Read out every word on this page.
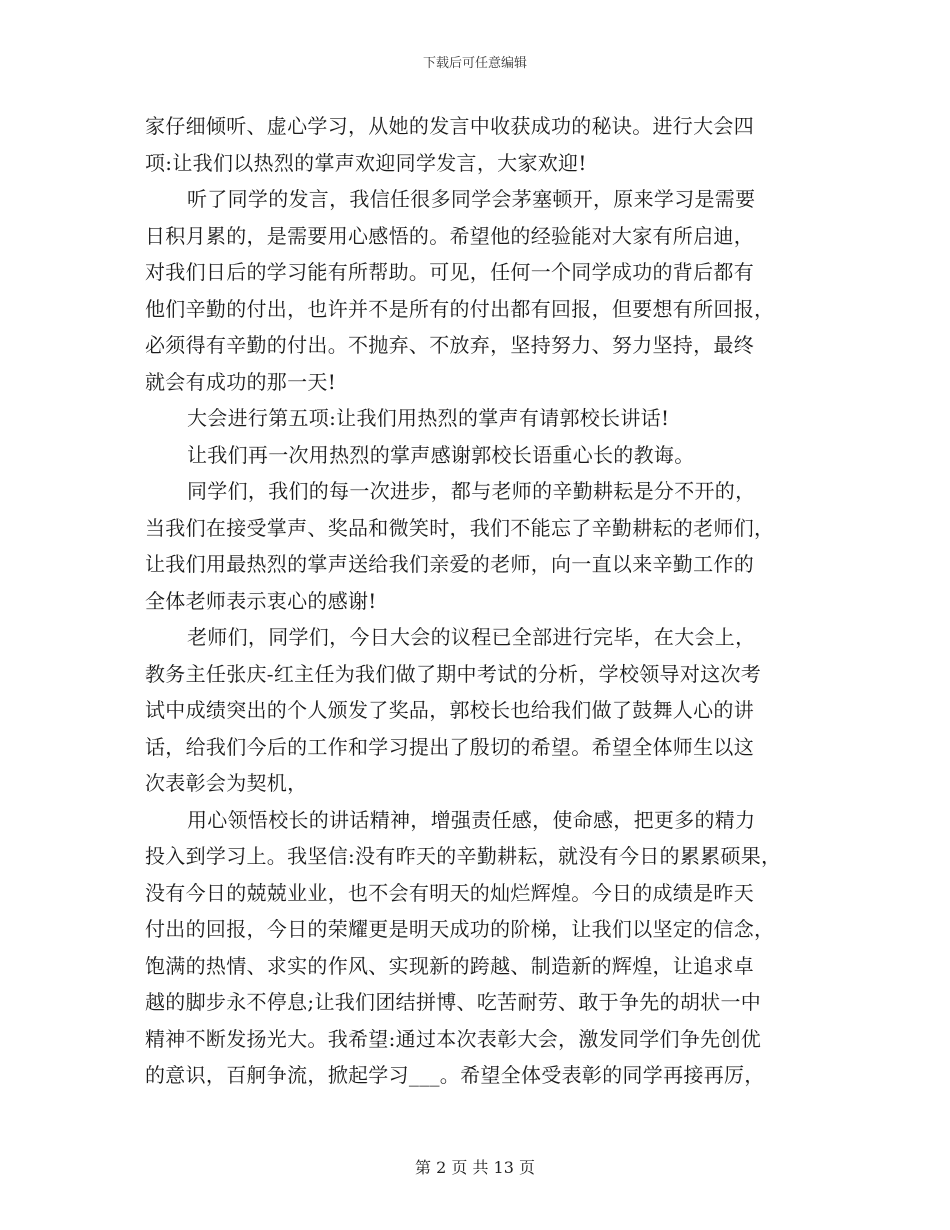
下载后可任意编辑
家仔细倾听、虚心学习，从她的发言中收获成功的秘诀。进行大会四
项:让我们以热烈的掌声欢迎同学发言，大家欢迎!
听了同学的发言，我信任很多同学会茅塞顿开，原来学习是需要
日积月累的，是需要用心感悟的。希望他的经验能对大家有所启迪，
对我们日后的学习能有所帮助。可见，任何一个同学成功的背后都有
他们辛勤的付出，也许并不是所有的付出都有回报，但要想有所回报，
必须得有辛勤的付出。不抛弃、不放弃，坚持努力、努力坚持，最终
就会有成功的那一天!
大会进行第五项:让我们用热烈的掌声有请郭校长讲话!
让我们再一次用热烈的掌声感谢郭校长语重心长的教诲。
同学们，我们的每一次进步，都与老师的辛勤耕耘是分不开的，
当我们在接受掌声、奖品和微笑时，我们不能忘了辛勤耕耘的老师们，
让我们用最热烈的掌声送给我们亲爱的老师，向一直以来辛勤工作的
全体老师表示衷心的感谢!
老师们，同学们，今日大会的议程已全部进行完毕，在大会上，
教务主任张庆-红主任为我们做了期中考试的分析，学校领导对这次考
试中成绩突出的个人颁发了奖品，郭校长也给我们做了鼓舞人心的讲
话，给我们今后的工作和学习提出了殷切的希望。希望全体师生以这
次表彰会为契机，
用心领悟校长的讲话精神，增强责任感，使命感，把更多的精力
投入到学习上。我坚信:没有昨天的辛勤耕耘，就没有今日的累累硕果，
没有今日的兢兢业业，也不会有明天的灿烂辉煌。今日的成绩是昨天
付出的回报，今日的荣耀更是明天成功的阶梯，让我们以坚定的信念，
饱满的热情、求实的作风、实现新的跨越、制造新的辉煌，让追求卓
越的脚步永不停息;让我们团结拼博、吃苦耐劳、敢于争先的胡状一中
精神不断发扬光大。我希望:通过本次表彰大会，激发同学们争先创优
的意识，百舸争流，掀起学习___。希望全体受表彰的同学再接再厉，
第 2 页 共 13 页
